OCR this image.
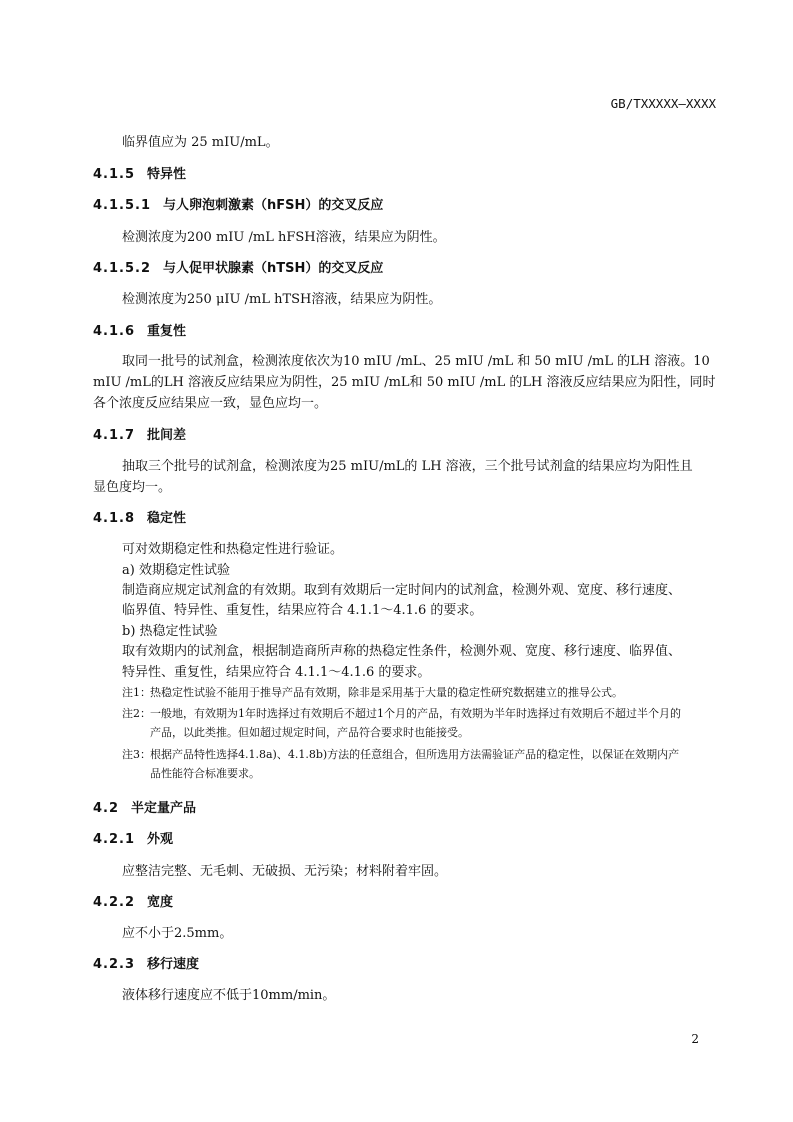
GB/TXXXXX—XXXX
临界值应为 25 mIU/mL。
4.1.5 特异性
4.1.5.1 与人卵泡刺激素（hFSH）的交叉反应
检测浓度为200 mIU /mL hFSH溶液，结果应为阴性。
4.1.5.2 与人促甲状腺素（hTSH）的交叉反应
检测浓度为250 μIU /mL hTSH溶液，结果应为阴性。
4.1.6 重复性
取同一批号的试剂盒，检测浓度依次为10 mIU /mL、25 mIU /mL 和 50 mIU /mL 的LH 溶液。10
mIU /mL的LH 溶液反应结果应为阴性，25 mIU /mL和 50 mIU /mL 的LH 溶液反应结果应为阳性，同时
各个浓度反应结果应一致，显色应均一。
4.1.7 批间差
抽取三个批号的试剂盒，检测浓度为25 mIU/mL的 LH 溶液，三个批号试剂盒的结果应均为阳性且
显色度均一。
4.1.8 稳定性
可对效期稳定性和热稳定性进行验证。
a) 效期稳定性试验
制造商应规定试剂盒的有效期。取到有效期后一定时间内的试剂盒，检测外观、宽度、移行速度、
临界值、特异性、重复性，结果应符合 4.1.1～4.1.6 的要求。
b) 热稳定性试验
取有效期内的试剂盒，根据制造商所声称的热稳定性条件，检测外观、宽度、移行速度、临界值、
特异性、重复性，结果应符合 4.1.1～4.1.6 的要求。
注1： 热稳定性试验不能用于推导产品有效期，除非是采用基于大量的稳定性研究数据建立的推导公式。
注2： 一般地，有效期为1年时选择过有效期后不超过1个月的产品，有效期为半年时选择过有效期后不超过半个月的
产品，以此类推。但如超过规定时间，产品符合要求时也能接受。
注3： 根据产品特性选择4.1.8a)、4.1.8b)方法的任意组合，但所选用方法需验证产品的稳定性，以保证在效期内产
品性能符合标准要求。
4.2 半定量产品
4.2.1 外观
应整洁完整、无毛刺、无破损、无污染；材料附着牢固。
4.2.2 宽度
应不小于2.5mm。
4.2.3 移行速度
液体移行速度应不低于10mm/min。
2
